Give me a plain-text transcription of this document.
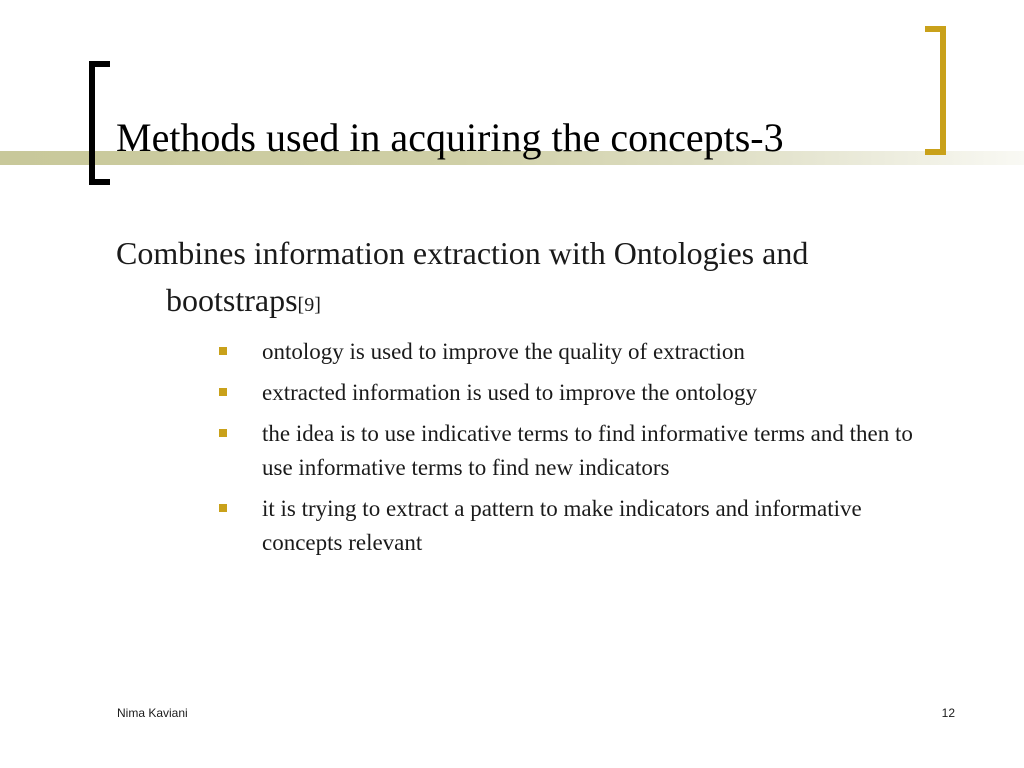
Methods used in acquiring the concepts-3

Combines information extraction with Ontologies and bootstraps[9]

ontology is used to improve the quality of extraction
extracted information is used to improve the ontology
the idea is to use indicative terms to find informative terms and then to use informative terms to find new indicators
it is trying to extract a pattern to make indicators and informative concepts relevant
Nima Kaviani	12
